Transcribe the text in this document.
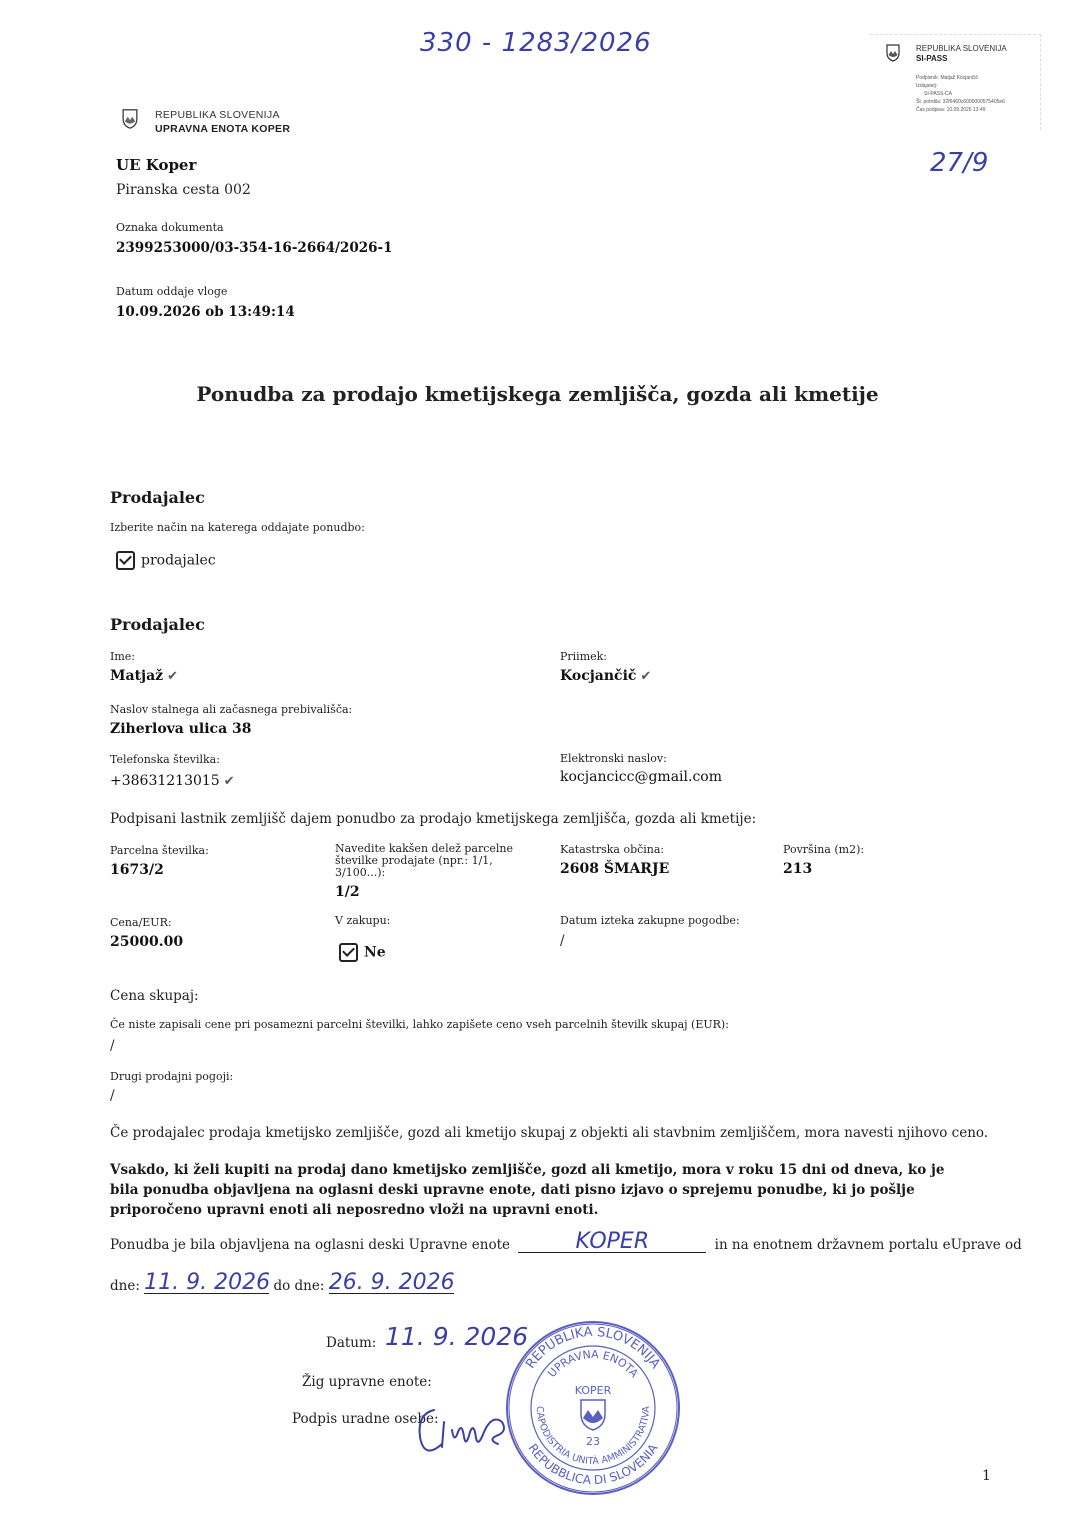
330 - 1283/2026	REPUBLIKA SLOVENIJA
SI-PASS
Podpisnik: Matjaž Kocjančič
Izdajatelj:
SI-PASS-CA
Št. potrdila: 32f6460c6000000575405e6
Čas podpisa: 10.09.2026 13:49
27/9
REPUBLIKA SLOVENIJA
UPRAVNA ENOTA KOPER
UE Koper
Piranska cesta 002
Oznaka dokumenta
2399253000/03-354-16-2664/2026-1
Datum oddaje vloge
10.09.2026 ob 13:49:14
Ponudba za prodajo kmetijskega zemljišča, gozda ali kmetije
Prodajalec
Izberite način na katerega oddajate ponudbo:
prodajalec
Prodajalec
Ime:
Matjaž ✔
Priimek:
Kocjančič ✔
Naslov stalnega ali začasnega prebivališča:
Ziherlova ulica 38
Telefonska številka:
+38631213015 ✔
Elektronski naslov:
kocjancicc@gmail.com
Podpisani lastnik zemljišč dajem ponudbo za prodajo kmetijskega zemljišča, gozda ali kmetije:
Parcelna številka:
1673/2
Navedite kakšen delež parcelne številke prodajate (npr.: 1/1, 3/100...):
1/2
Katastrska občina:
2608 ŠMARJE
Površina (m2):
213
Cena/EUR:
25000.00
V zakupu:
Ne
Datum izteka zakupne pogodbe:
/
Cena skupaj:
Če niste zapisali cene pri posamezni parcelni številki, lahko zapišete ceno vseh parcelnih številk skupaj (EUR):
/
Drugi prodajni pogoji:
/
Če prodajalec prodaja kmetijsko zemljišče, gozd ali kmetijo skupaj z objekti ali stavbnim zemljiščem, mora navesti njihovo ceno.
Vsakdo, ki želi kupiti na prodaj dano kmetijsko zemljišče, gozd ali kmetijo, mora v roku 15 dni od dneva, ko je bila ponudba objavljena na oglasni deski upravne enote, dati pisno izjavo o sprejemu ponudbe, ki jo pošlje priporočeno upravni enoti ali neposredno vloži na upravni enoti.
Ponudba je bila objavljena na oglasni deski Upravne enote	KOPER	in na enotnem državnem portalu eUprave od
dne: 11. 9. 2026 do dne: 26. 9. 2026
Datum: 11. 9. 2026
Žig upravne enote:
Podpis uradne osebe:
REPUBLIKA SLOVENIJA
UPRAVNA ENOTA
KOPER
23
CAPODISTRIA UNITÀ AMMINISTRATIVA
REPUBBLICA DI SLOVENIA
1
